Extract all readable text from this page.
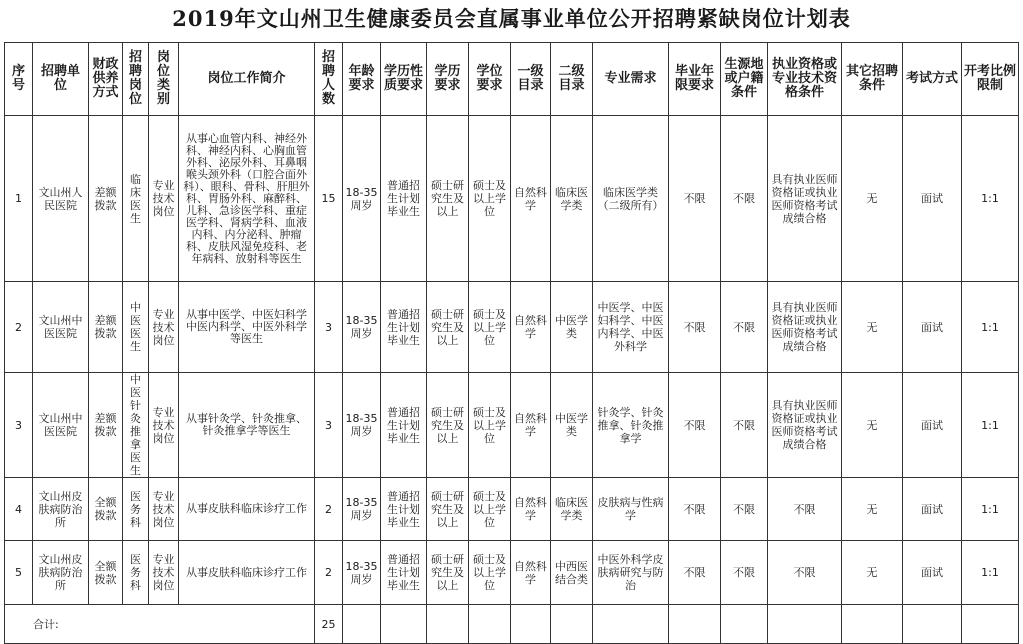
2019年文山州卫生健康委员会直属事业单位公开招聘紧缺岗位计划表
序号	招聘单位	财政供养方式	招聘岗位	岗位类别	岗位工作简介	招聘人数	年龄要求	学历性质要求	学历要求	学位要求	一级目录	二级目录	专业需求	毕业年限要求	生源地或户籍条件	执业资格或专业技术资格条件	其它招聘条件	考试方式	开考比例限制
1	文山州人民医院	差额拨款	临床医生	专业技术岗位	从事心血管内科、神经外科、神经内科、心胸血管外科、泌尿外科、耳鼻咽喉头颈外科（口腔合面外科）、眼科、骨科、肝胆外科、胃肠外科、麻醉科、儿科、急诊医学科、重症医学科、肾病学科、血液内科、内分泌科、肿瘤科、皮肤风湿免疫科、老年病科、放射科等医生	15	18-35周岁	普通招生计划毕业生	硕士研究生及以上	硕士及以上学位	自然科学	临床医学类	临床医学类（二级所有）	不限	不限	具有执业医师资格证或执业医师资格考试成绩合格	无	面试	1:1
2	文山州中医医院	差额拨款	中医医生	专业技术岗位	从事中医学、中医妇科学中医内科学、中医外科学等医生	3	18-35周岁	普通招生计划毕业生	硕士研究生及以上	硕士及以上学位	自然科学	中医学类	中医学、中医妇科学、中医内科学、中医外科学	不限	不限	具有执业医师资格证或执业医师资格考试成绩合格	无	面试	1:1
3	文山州中医医院	差额拨款	中医针灸推拿医生	专业技术岗位	从事针灸学、针灸推拿、针灸推拿学等医生	3	18-35周岁	普通招生计划毕业生	硕士研究生及以上	硕士及以上学位	自然科学	中医学类	针灸学、针灸推拿、针灸推拿学	不限	不限	具有执业医师资格证或执业医师资格考试成绩合格	无	面试	1:1
4	文山州皮肤病防治所	全额拨款	医务科	专业技术岗位	从事皮肤科临床诊疗工作	2	18-35周岁	普通招生计划毕业生	硕士研究生及以上	硕士及以上学位	自然科学	临床医学类	皮肤病与性病学	不限	不限	不限	无	面试	1:1
5	文山州皮肤病防治所	全额拨款	医务科	专业技术岗位	从事皮肤科临床诊疗工作	2	18-35周岁	普通招生计划毕业生	硕士研究生及以上	硕士及以上学位	自然科学	中西医结合类	中医外科学皮肤病研究与防治	不限	不限	不限	无	面试	1:1
合计:						25													
